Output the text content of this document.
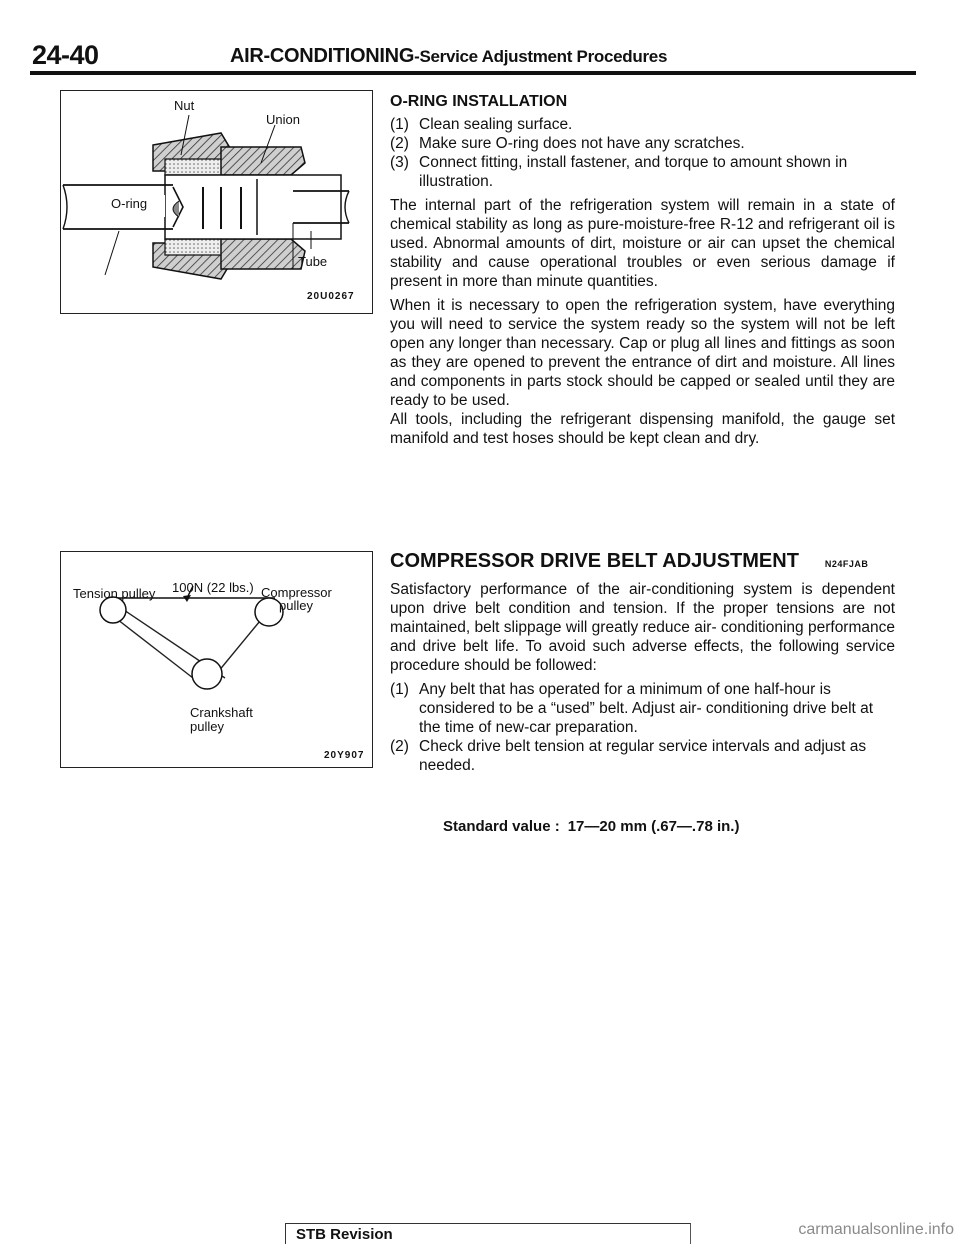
24-40	AIR-CONDITIONING-Service Adjustment Procedures
Nut
Union
O-ring
Tube
20U0267
Tension pulley 100N (22 lbs.) Compressor
pulley
Crankshaft
pulley
20Y907
O-RING INSTALLATION
(1) Clean sealing surface.
(2) Make sure O-ring does not have any scratches.
(3) Connect fitting, install fastener, and torque to amount shown in illustration.

The internal part of the refrigeration system will remain in a state of chemical stability as long as pure-moisture-free R-12 and refrigerant oil is used. Abnormal amounts of dirt, moisture or air can upset the chemical stability and cause operational troubles or even serious damage if present in more than minute quantities.

When it is necessary to open the refrigeration system, have everything you will need to service the system ready so the system will not be left open any longer than necessary. Cap or plug all lines and fittings as soon as they are opened to prevent the entrance of dirt and moisture. All lines and components in parts stock should be capped or sealed until they are ready to be used.

All tools, including the refrigerant dispensing manifold, the gauge set manifold and test hoses should be kept clean and dry.

COMPRESSOR DRIVE BELT ADJUSTMENT	N24FJAB

Satisfactory performance of the air-conditioning system is dependent upon drive belt condition and tension. If the proper tensions are not maintained, belt slippage will greatly reduce air- conditioning performance and drive belt life. To avoid such adverse effects, the following service procedure should be followed:

(1) Any belt that has operated for a minimum of one half-hour is considered to be a “used” belt. Adjust air- conditioning drive belt at the time of new-car preparation.
(2) Check drive belt tension at regular service intervals and adjust as needed.
Standard value : 17—20 mm (.67—.78 in.)
STB Revision	carmanualsonline.info
